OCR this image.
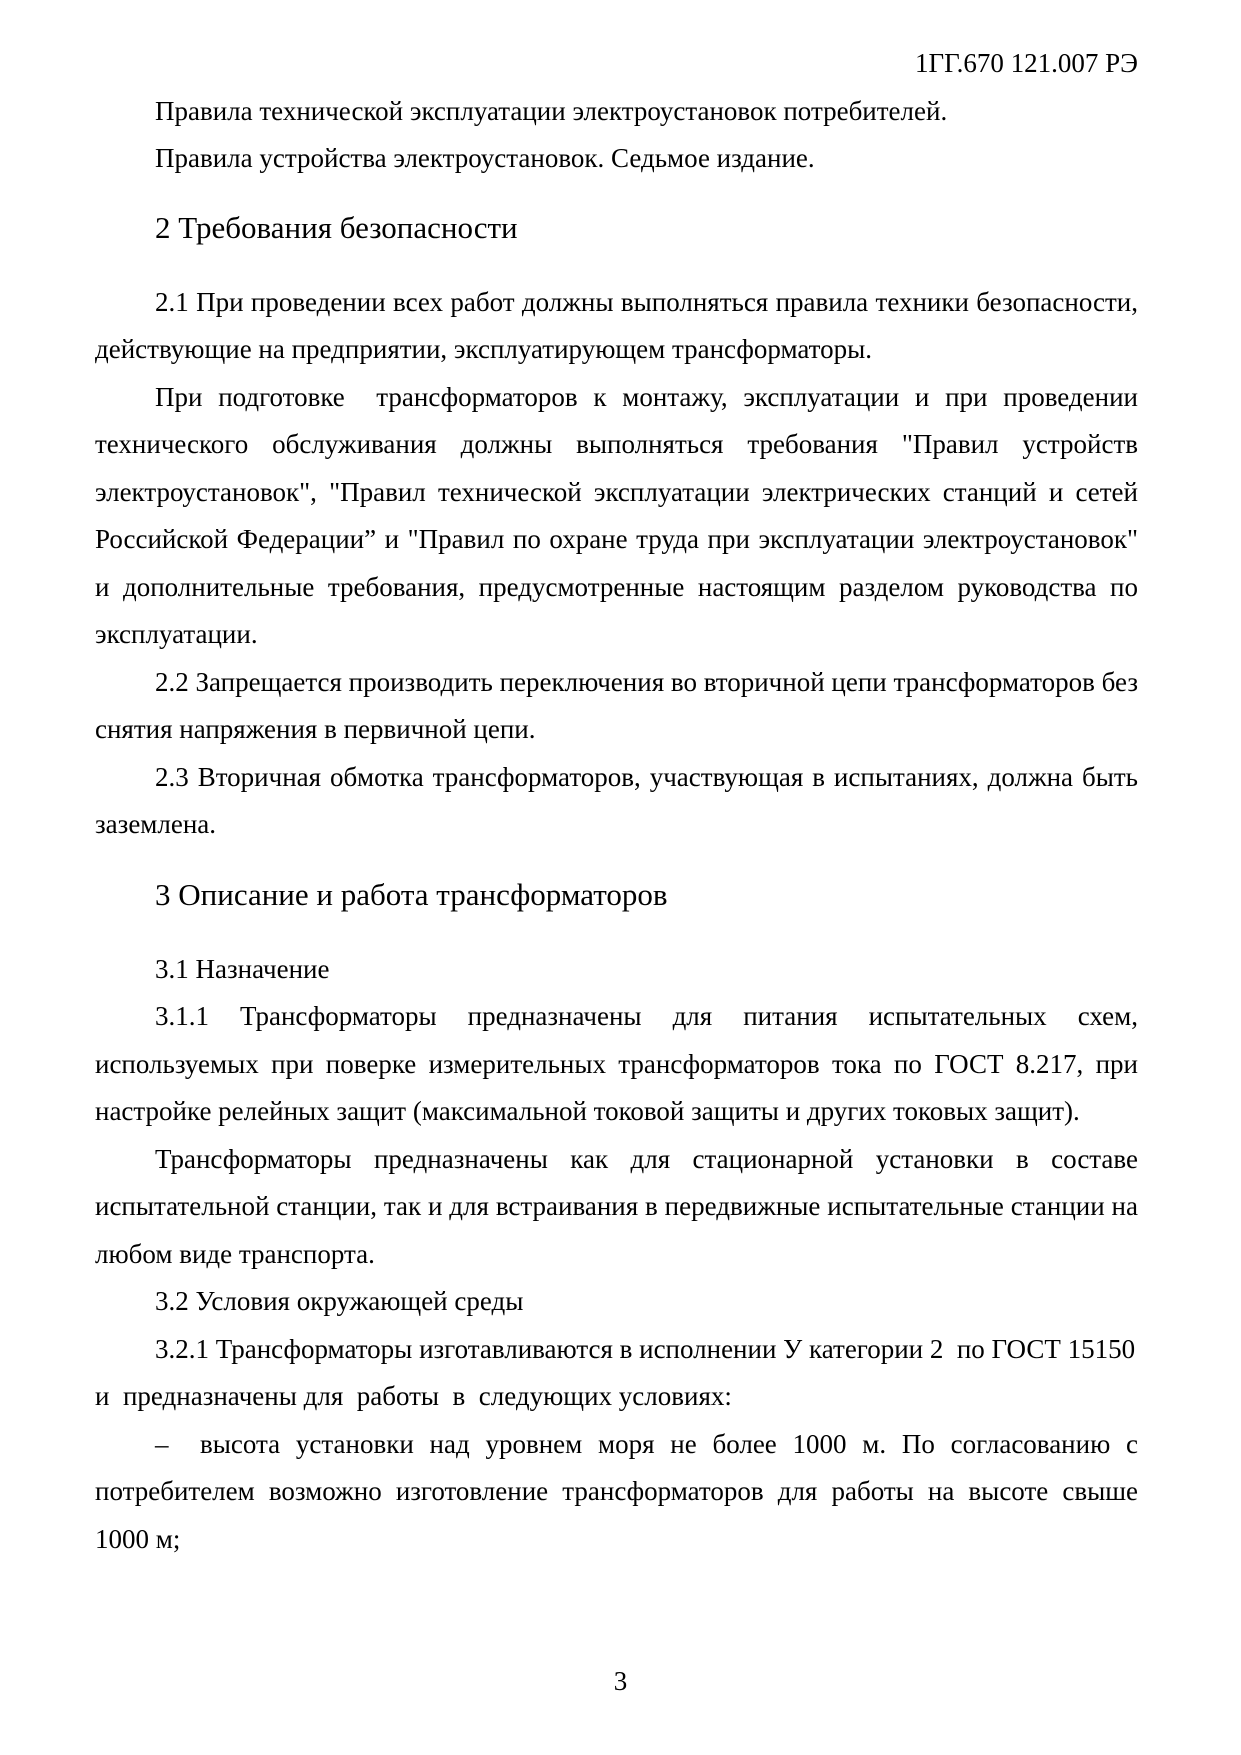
1ГГ.670 121.007 РЭ

Правила технической эксплуатации электроустановок потребителей.

Правила устройства электроустановок. Седьмое издание.

2 Требования безопасности

2.1 При проведении всех работ должны выполняться правила техники безопасности, действующие на предприятии, эксплуатирующем трансформаторы.

При подготовке  трансформаторов к монтажу, эксплуатации и при проведении технического обслуживания должны выполняться требования "Правил устройств электроустановок", "Правил технической эксплуатации электрических станций и сетей Российской Федерации” и "Правил по охране труда при эксплуатации электроустановок" и дополнительные требования, предусмотренные настоящим разделом руководства по эксплуатации.

2.2 Запрещается производить переключения во вторичной цепи трансформаторов без снятия напряжения в первичной цепи.

2.3 Вторичная обмотка трансформаторов, участвующая в испытаниях, должна быть заземлена.

3 Описание и работа трансформаторов

3.1 Назначение

3.1.1 Трансформаторы предназначены для питания испытательных схем, используемых при поверке измерительных трансформаторов тока по ГОСТ 8.217, при настройке релейных защит (максимальной токовой защиты и других токовых защит).

Трансформаторы предназначены как для стационарной установки в составе испытательной станции, так и для встраивания в передвижные испытательные станции на любом виде транспорта.

3.2 Условия окружающей среды

3.2.1 Трансформаторы изготавливаются в исполнении У категории 2  по ГОСТ 15150 и  предназначены для  работы  в  следующих условиях:

–  высота установки над уровнем моря не более 1000 м. По согласованию с потребителем возможно изготовление трансформаторов для работы на высоте свыше 1000 м;

3
